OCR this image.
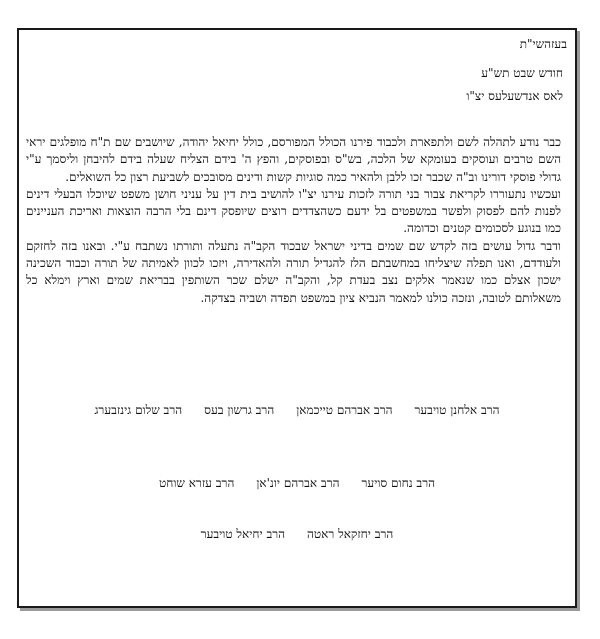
בעזהשי"ת
חודש שבט תש"ע
לאס אנדשעלעס יצ"ו

כבר נודע לתהלה לשם ולתפארת ולכבוד פירנו הכולל המפורסם, כולל יחיאל יהודה, שיושבים שם ת"ח מופלגים יראי השם טרבים ועוסקים בעומקא של הלכה, בש"ס ובפוסקים, והפץ ה' בידם הצליח שעלה בידם להיבחן וליסמך ע"י גדולי פוסקי דורינו וב"ה שכבר זכו ללבן ולהאיר כמה סוגיות קשות ודינים מסובכים לשביעת רצון כל השואלים.

ועכשיו נתעוררו לקריאת צבור בני תורה לזכות עירנו יצ"ו להושיב בית דין על עניני חושן משפט שיוכלו הבעלי דינים לפנות להם לפסוק ולפשר במשפטים בל ידעם כשהצדדים רוצים שיופסק דינם בלי הרבה הוצאות ואריכת העניינים כמו בנוגע לסכומים קטנים וכדומה.

ודבר גדול עושים בזה לקדש שם שמים בדיני ישראל שבכוד הקב"ה נתעלה ותורתו נשתבח ע"י. ובאנו בזה לחזקם ולעודדם, ואנו תפלה שיצליחו במחשבתם הלז להגדיל תורה ולהאדירה, ויזכו לכוון לאמיתה של תורה וכבוד השכינה ישכון אצלם כמו שנאמר אלקים נצב בעדת קל, והקב"ה ישלם שכר השותפין בבריאת שמים וארץ וימלא כל משאלותם לטובה, ונזכה כולנו למאמר הנביא ציון במשפט תפדה ושביה בצדקה.

הרב אלחנן טויבער
הרב אברהם טייכמאן
הרב גרשון בעס
הרב שלום גינזבערג
הרב נחום סויער
הרב אברהם יונ'אן
הרב עזרא שוחט
הרב יחזקאל ראטה
הרב יחיאל טויבער
